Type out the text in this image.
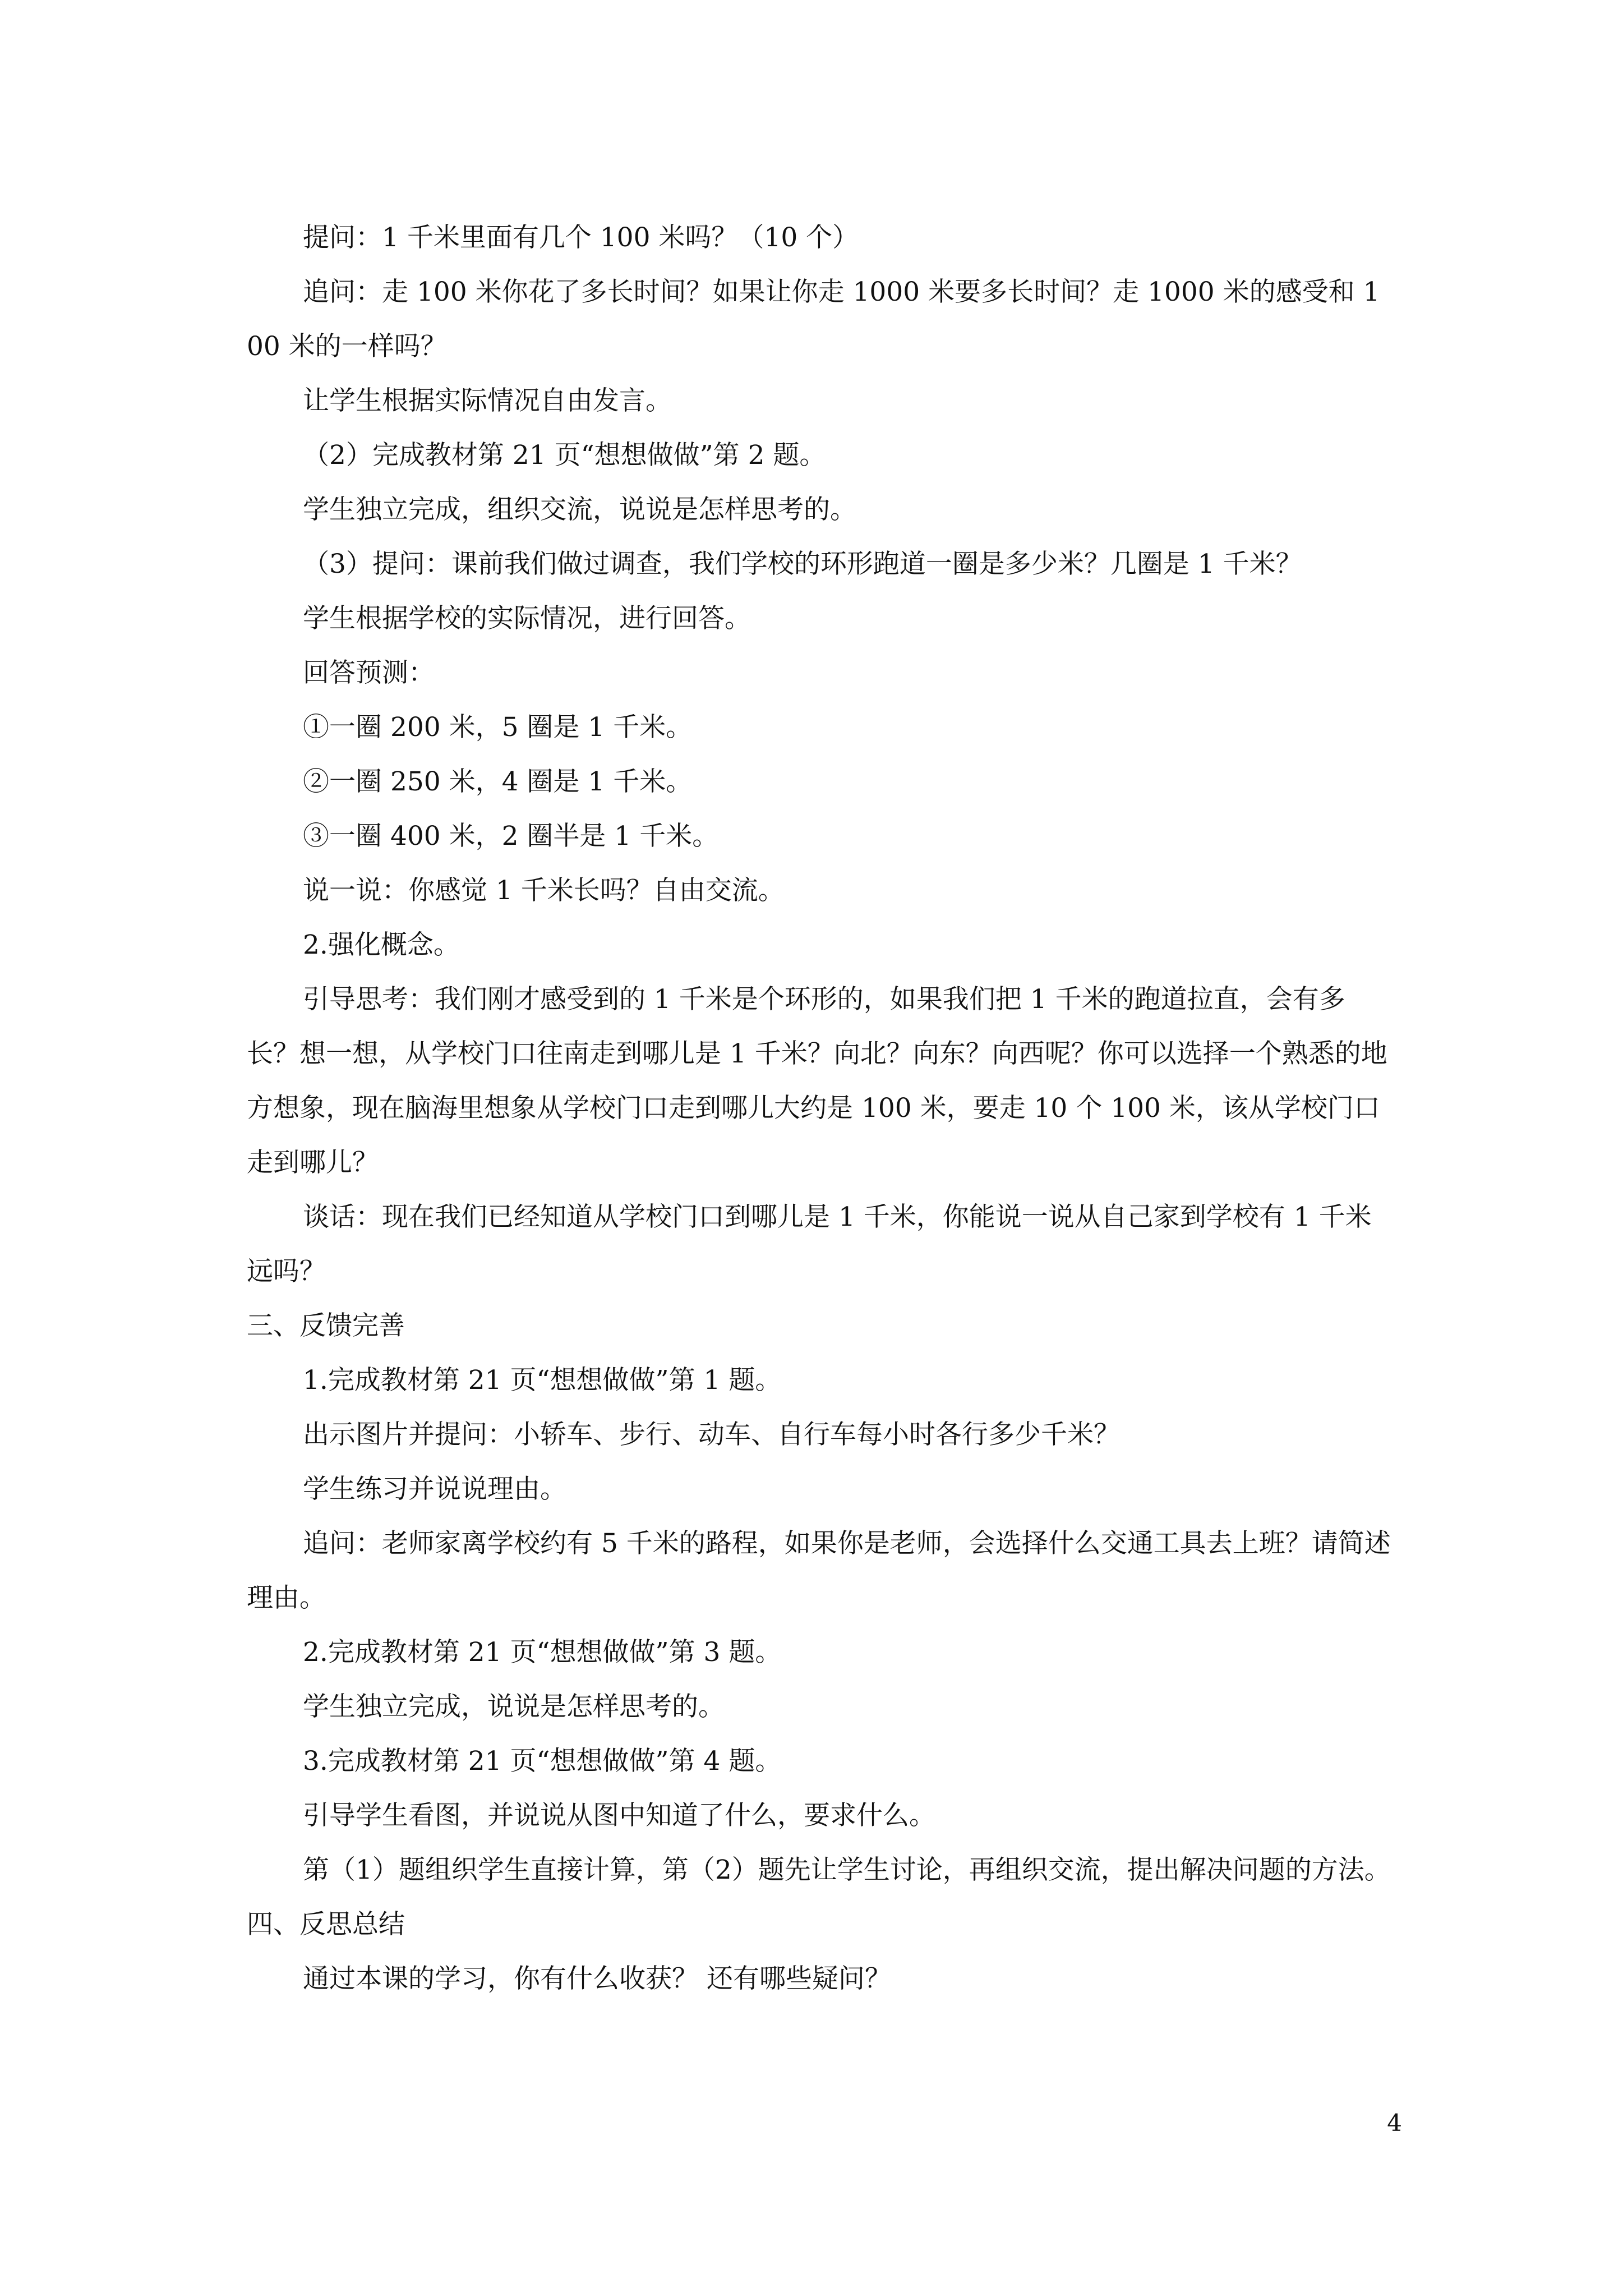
提问：1 千米里面有几个 100 米吗？（10 个）

追问：走 100 米你花了多长时间？如果让你走 1000 米要多长时间？走 1000 米的感受和 100 米的一样吗？

让学生根据实际情况自由发言。

（2）完成教材第 21 页“想想做做”第 2 题。

学生独立完成，组织交流，说说是怎样思考的。

（3）提问：课前我们做过调查，我们学校的环形跑道一圈是多少米？几圈是 1 千米？

学生根据学校的实际情况，进行回答。

回答预测：

①一圈 200 米，5 圈是 1 千米。

②一圈 250 米，4 圈是 1 千米。

③一圈 400 米，2 圈半是 1 千米。

说一说：你感觉 1 千米长吗？自由交流。

2.强化概念。

引导思考：我们刚才感受到的 1 千米是个环形的，如果我们把 1 千米的跑道拉直，会有多长？想一想，从学校门口往南走到哪儿是 1 千米？向北？向东？向西呢？你可以选择一个熟悉的地方想象，现在脑海里想象从学校门口走到哪儿大约是 100 米，要走 10 个 100 米，该从学校门口走到哪儿？

谈话：现在我们已经知道从学校门口到哪儿是 1 千米，你能说一说从自己家到学校有 1 千米远吗？

三、反馈完善

1.完成教材第 21 页“想想做做”第 1 题。

出示图片并提问：小轿车、步行、动车、自行车每小时各行多少千米？

学生练习并说说理由。

追问：老师家离学校约有 5 千米的路程，如果你是老师，会选择什么交通工具去上班？请简述理由。

2.完成教材第 21 页“想想做做”第 3 题。

学生独立完成，说说是怎样思考的。

3.完成教材第 21 页“想想做做”第 4 题。

引导学生看图，并说说从图中知道了什么，要求什么。

第（1）题组织学生直接计算，第（2）题先让学生讨论，再组织交流，提出解决问题的方法。

四、反思总结

通过本课的学习，你有什么收获？ 还有哪些疑问？

4
